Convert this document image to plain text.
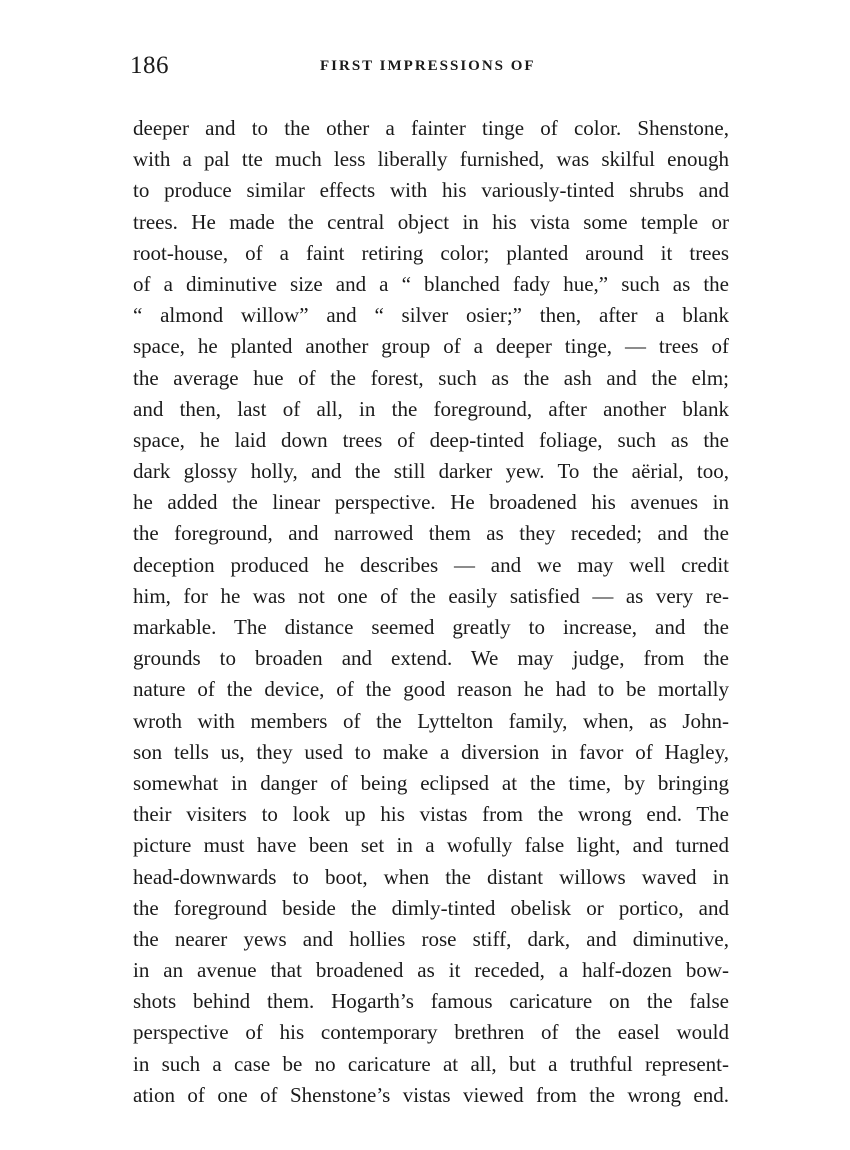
186	FIRST IMPRESSIONS OF
deeper and to the other a fainter tinge of color. Shenstone,
with a pal tte much less liberally furnished, was skilful enough
to produce similar effects with his variously-tinted shrubs and
trees. He made the central object in his vista some temple or
root-house, of a faint retiring color; planted around it trees
of a diminutive size and a “ blanched fady hue,” such as the
“ almond willow” and “ silver osier;” then, after a blank
space, he planted another group of a deeper tinge, — trees of
the average hue of the forest, such as the ash and the elm;
and then, last of all, in the foreground, after another blank
space, he laid down trees of deep-tinted foliage, such as the
dark glossy holly, and the still darker yew. To the aërial, too,
he added the linear perspective. He broadened his avenues in
the foreground, and narrowed them as they receded; and the
deception produced he describes — and we may well credit
him, for he was not one of the easily satisfied — as very re-
markable. The distance seemed greatly to increase, and the
grounds to broaden and extend. We may judge, from the
nature of the device, of the good reason he had to be mortally
wroth with members of the Lyttelton family, when, as John-
son tells us, they used to make a diversion in favor of Hagley,
somewhat in danger of being eclipsed at the time, by bringing
their visiters to look up his vistas from the wrong end. The
picture must have been set in a wofully false light, and turned
head-downwards to boot, when the distant willows waved in
the foreground beside the dimly-tinted obelisk or portico, and
the nearer yews and hollies rose stiff, dark, and diminutive,
in an avenue that broadened as it receded, a half-dozen bow-
shots behind them. Hogarth’s famous caricature on the false
perspective of his contemporary brethren of the easel would
in such a case be no caricature at all, but a truthful represent-
ation of one of Shenstone’s vistas viewed from the wrong end.
